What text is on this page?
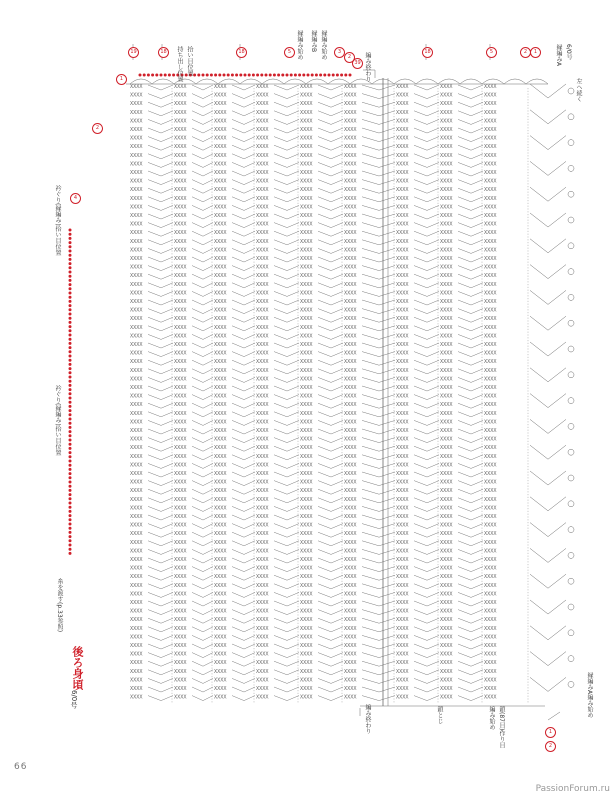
XXXX	XXXX	XXXX	XXXX	XXXX	XXXX	XXXX	XXXX	XXXX
XXXX	XXXX	XXXX	XXXX	XXXX	XXXX	XXXX	XXXX	XXXX
XXXX	XXXX	XXXX	XXXX	XXXX	XXXX	XXXX	XXXX	XXXX
XXXX	XXXX	XXXX	XXXX	XXXX	XXXX	XXXX	XXXX	XXXX
XXXX	XXXX	XXXX	XXXX	XXXX	XXXX	XXXX	XXXX	XXXX
XXXX	XXXX	XXXX	XXXX	XXXX	XXXX	XXXX	XXXX	XXXX
XXXX	XXXX	XXXX	XXXX	XXXX	XXXX	XXXX	XXXX	XXXX
XXXX	XXXX	XXXX	XXXX	XXXX	XXXX	XXXX	XXXX	XXXX
XXXX	XXXX	XXXX	XXXX	XXXX	XXXX	XXXX	XXXX	XXXX
XXXX	XXXX	XXXX	XXXX	XXXX	XXXX	XXXX	XXXX	XXXX
XXXX	XXXX	XXXX	XXXX	XXXX	XXXX	XXXX	XXXX	XXXX
XXXX	XXXX	XXXX	XXXX	XXXX	XXXX	XXXX	XXXX	XXXX
XXXX	XXXX	XXXX	XXXX	XXXX	XXXX	XXXX	XXXX	XXXX
XXXX	XXXX	XXXX	XXXX	XXXX	XXXX	XXXX	XXXX	XXXX
XXXX	XXXX	XXXX	XXXX	XXXX	XXXX	XXXX	XXXX	XXXX
XXXX	XXXX	XXXX	XXXX	XXXX	XXXX	XXXX	XXXX	XXXX
XXXX	XXXX	XXXX	XXXX	XXXX	XXXX	XXXX	XXXX	XXXX
XXXX	XXXX	XXXX	XXXX	XXXX	XXXX	XXXX	XXXX	XXXX
XXXX	XXXX	XXXX	XXXX	XXXX	XXXX	XXXX	XXXX	XXXX
XXXX	XXXX	XXXX	XXXX	XXXX	XXXX	XXXX	XXXX	XXXX
XXXX	XXXX	XXXX	XXXX	XXXX	XXXX	XXXX	XXXX	XXXX
XXXX	XXXX	XXXX	XXXX	XXXX	XXXX	XXXX	XXXX	XXXX
XXXX	XXXX	XXXX	XXXX	XXXX	XXXX	XXXX	XXXX	XXXX
XXXX	XXXX	XXXX	XXXX	XXXX	XXXX	XXXX	XXXX	XXXX
XXXX	XXXX	XXXX	XXXX	XXXX	XXXX	XXXX	XXXX	XXXX
XXXX	XXXX	XXXX	XXXX	XXXX	XXXX	XXXX	XXXX	XXXX
XXXX	XXXX	XXXX	XXXX	XXXX	XXXX	XXXX	XXXX	XXXX
XXXX	XXXX	XXXX	XXXX	XXXX	XXXX	XXXX	XXXX	XXXX
XXXX	XXXX	XXXX	XXXX	XXXX	XXXX	XXXX	XXXX	XXXX
XXXX	XXXX	XXXX	XXXX	XXXX	XXXX	XXXX	XXXX	XXXX
XXXX	XXXX	XXXX	XXXX	XXXX	XXXX	XXXX	XXXX	XXXX
XXXX	XXXX	XXXX	XXXX	XXXX	XXXX	XXXX	XXXX	XXXX
XXXX	XXXX	XXXX	XXXX	XXXX	XXXX	XXXX	XXXX	XXXX
XXXX	XXXX	XXXX	XXXX	XXXX	XXXX	XXXX	XXXX	XXXX
XXXX	XXXX	XXXX	XXXX	XXXX	XXXX	XXXX	XXXX	XXXX
XXXX	XXXX	XXXX	XXXX	XXXX	XXXX	XXXX	XXXX	XXXX
XXXX	XXXX	XXXX	XXXX	XXXX	XXXX	XXXX	XXXX	XXXX
XXXX	XXXX	XXXX	XXXX	XXXX	XXXX	XXXX	XXXX	XXXX
XXXX	XXXX	XXXX	XXXX	XXXX	XXXX	XXXX	XXXX	XXXX
XXXX	XXXX	XXXX	XXXX	XXXX	XXXX	XXXX	XXXX	XXXX
XXXX	XXXX	XXXX	XXXX	XXXX	XXXX	XXXX	XXXX	XXXX
XXXX	XXXX	XXXX	XXXX	XXXX	XXXX	XXXX	XXXX	XXXX
XXXX	XXXX	XXXX	XXXX	XXXX	XXXX	XXXX	XXXX	XXXX
XXXX	XXXX	XXXX	XXXX	XXXX	XXXX	XXXX	XXXX	XXXX
XXXX	XXXX	XXXX	XXXX	XXXX	XXXX	XXXX	XXXX	XXXX
XXXX	XXXX	XXXX	XXXX	XXXX	XXXX	XXXX	XXXX	XXXX
XXXX	XXXX	XXXX	XXXX	XXXX	XXXX	XXXX	XXXX	XXXX
XXXX	XXXX	XXXX	XXXX	XXXX	XXXX	XXXX	XXXX	XXXX
XXXX	XXXX	XXXX	XXXX	XXXX	XXXX	XXXX	XXXX	XXXX
XXXX	XXXX	XXXX	XXXX	XXXX	XXXX	XXXX	XXXX	XXXX
XXXX	XXXX	XXXX	XXXX	XXXX	XXXX	XXXX	XXXX	XXXX
XXXX	XXXX	XXXX	XXXX	XXXX	XXXX	XXXX	XXXX	XXXX
XXXX	XXXX	XXXX	XXXX	XXXX	XXXX	XXXX	XXXX	XXXX
XXXX	XXXX	XXXX	XXXX	XXXX	XXXX	XXXX	XXXX	XXXX
XXXX	XXXX	XXXX	XXXX	XXXX	XXXX	XXXX	XXXX	XXXX
XXXX	XXXX	XXXX	XXXX	XXXX	XXXX	XXXX	XXXX	XXXX
XXXX	XXXX	XXXX	XXXX	XXXX	XXXX	XXXX	XXXX	XXXX
XXXX	XXXX	XXXX	XXXX	XXXX	XXXX	XXXX	XXXX	XXXX
XXXX	XXXX	XXXX	XXXX	XXXX	XXXX	XXXX	XXXX	XXXX
XXXX	XXXX	XXXX	XXXX	XXXX	XXXX	XXXX	XXXX	XXXX
XXXX	XXXX	XXXX	XXXX	XXXX	XXXX	XXXX	XXXX	XXXX
XXXX	XXXX	XXXX	XXXX	XXXX	XXXX	XXXX	XXXX	XXXX
XXXX	XXXX	XXXX	XXXX	XXXX	XXXX	XXXX	XXXX	XXXX
XXXX	XXXX	XXXX	XXXX	XXXX	XXXX	XXXX	XXXX	XXXX
XXXX	XXXX	XXXX	XXXX	XXXX	XXXX	XXXX	XXXX	XXXX
XXXX	XXXX	XXXX	XXXX	XXXX	XXXX	XXXX	XXXX	XXXX
XXXX	XXXX	XXXX	XXXX	XXXX	XXXX	XXXX	XXXX	XXXX
XXXX	XXXX	XXXX	XXXX	XXXX	XXXX	XXXX	XXXX	XXXX
XXXX	XXXX	XXXX	XXXX	XXXX	XXXX	XXXX	XXXX	XXXX
XXXX	XXXX	XXXX	XXXX	XXXX	XXXX	XXXX	XXXX	XXXX
XXXX	XXXX	XXXX	XXXX	XXXX	XXXX	XXXX	XXXX	XXXX
XXXX	XXXX	XXXX	XXXX	XXXX	XXXX	XXXX	XXXX	XXXX
持ち出し位置 拾い目位置
縁編み始め 縁編みB 縁編み始め
編み終わり	縁編みA 6/0号
左へ続く
衿ぐり(縁編み)拾い目位置
衿ぐり(縁編み)拾い目位置
糸を渡す(p.33参照)
編み終わり	鎖とじ	編み始め 鎖(87目)作り目
縁編みA編み始め
19	18	18	5	3
2
39
18	5	2	1
1
2
4
1
2
後ろ身頃
6/0号
66
PassionForum.ru
